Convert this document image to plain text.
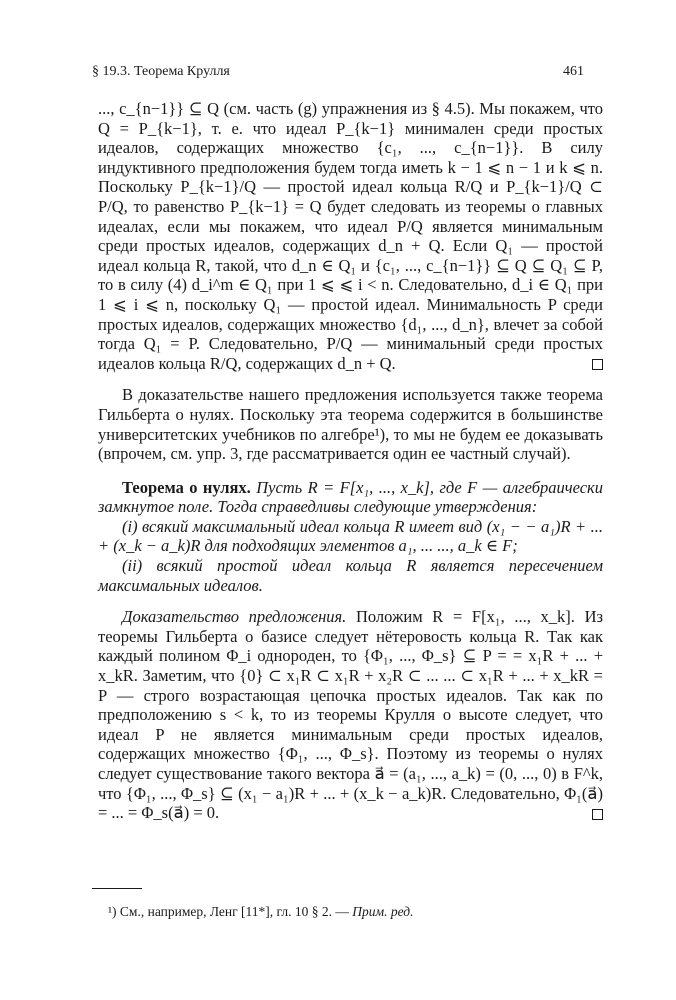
§ 19.3. Теорема Крулля	461

..., c_{n−1}} ⊆ Q (см. часть (g) упражнения из § 4.5). Мы покажем, что Q = P_{k−1}, т. е. что идеал P_{k−1} минимален среди простых идеалов, содержащих множество {c₁, ..., c_{n−1}}. В силу индуктивного предположения будем тогда иметь k − 1 ⩽ n − 1 и k ⩽ n. Поскольку P_{k−1}/Q — простой идеал кольца R/Q и P_{k−1}/Q ⊂ P/Q, то равенство P_{k−1} = Q будет следовать из теоремы о главных идеалах, если мы покажем, что идеал P/Q является минимальным среди простых идеалов, содержащих d_n + Q. Если Q₁ — простой идеал кольца R, такой, что d_n ∈ Q₁ и {c₁, ..., c_{n−1}} ⊆ Q ⊆ Q₁ ⊆ P, то в силу (4) d_i^m ∈ Q₁ при 1 ⩽ ⩽ i < n. Следовательно, d_i ∈ Q₁ при 1 ⩽ i ⩽ n, поскольку Q₁ — простой идеал. Минимальность P среди простых идеалов, содержащих множество {d₁, ..., d_n}, влечет за собой тогда Q₁ = P. Следовательно, P/Q — минимальный среди простых идеалов кольца R/Q, содержащих d_n + Q.

В доказательстве нашего предложения используется также теорема Гильберта о нулях. Поскольку эта теорема содержится в большинстве университетских учебников по алгебре¹), то мы не будем ее доказывать (впрочем, см. упр. 3, где рассматривается один ее частный случай).

Теорема о нулях. Пусть R = F[x₁, ..., x_k], где F — алгебраически замкнутое поле. Тогда справедливы следующие утверждения:

(i) всякий максимальный идеал кольца R имеет вид (x₁ − − a₁)R + ... + (x_k − a_k)R для подходящих элементов a₁, ... ..., a_k ∈ F;

(ii) всякий простой идеал кольца R является пересечением максимальных идеалов.

Доказательство предложения. Положим R = F[x₁, ..., x_k]. Из теоремы Гильберта о базисе следует нётеровость кольца R. Так как каждый полином Φ_i однороден, то {Φ₁, ..., Φ_s} ⊆ P = = x₁R + ... + x_kR. Заметим, что {0} ⊂ x₁R ⊂ x₁R + x₂R ⊂ ... ... ⊂ x₁R + ... + x_kR = P — строго возрастающая цепочка простых идеалов. Так как по предположению s < k, то из теоремы Крулля о высоте следует, что идеал P не является минимальным среди простых идеалов, содержащих множество {Φ₁, ..., Φ_s}. Поэтому из теоремы о нулях следует существование такого вектора a⃗ = (a₁, ..., a_k) = (0, ..., 0) в F^k, что {Φ₁, ..., Φ_s} ⊆ (x₁ − a₁)R + ... + (x_k − a_k)R. Следовательно, Φ₁(a⃗) = ... = Φ_s(a⃗) = 0.

¹) См., например, Ленг [11*], гл. 10 § 2. — Прим. ред.
